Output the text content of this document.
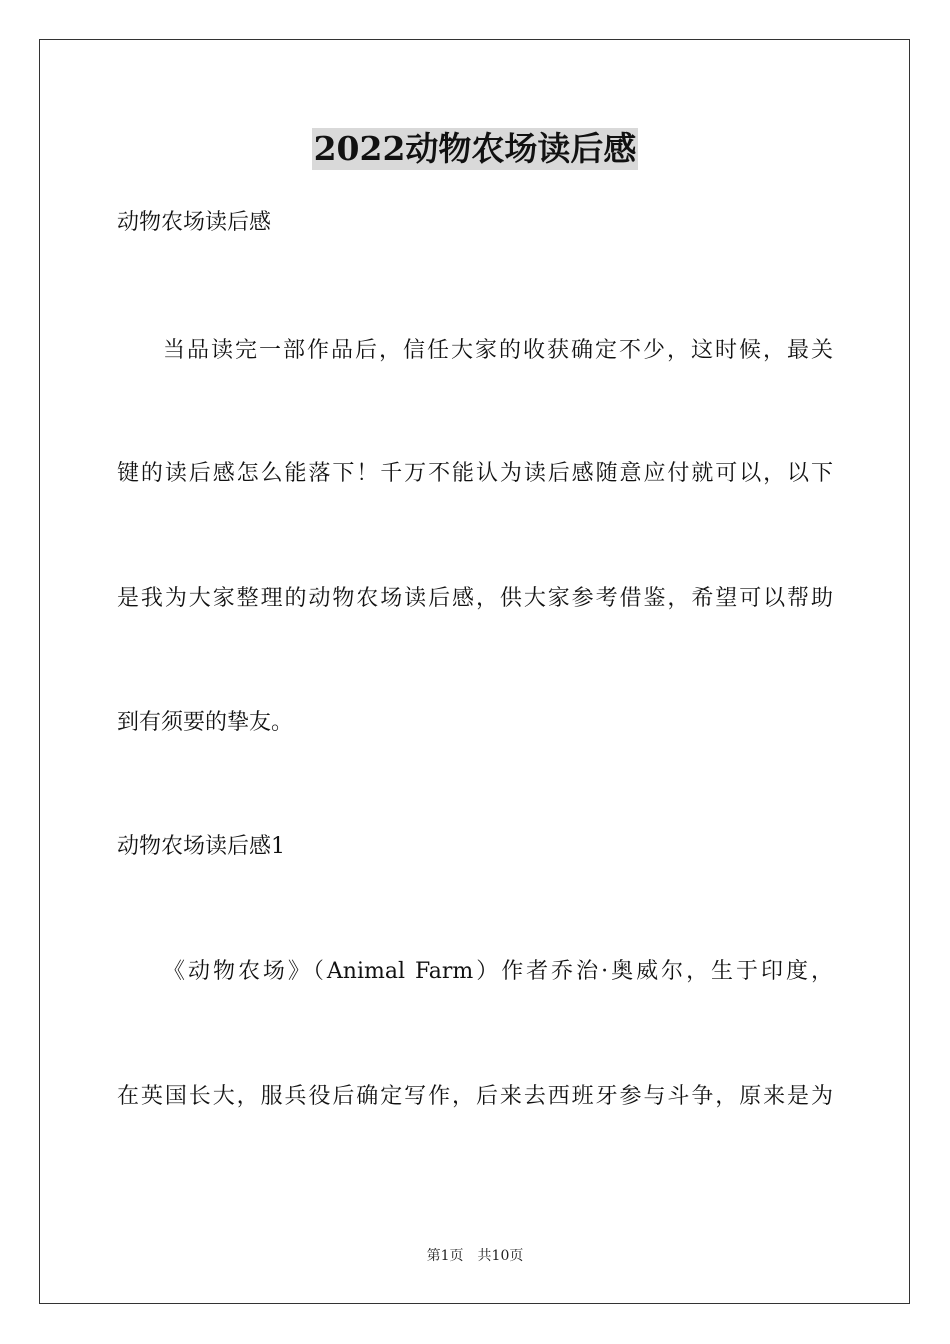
2022动物农场读后感
动物农场读后感
当品读完一部作品后，信任大家的收获确定不少，这时候，最关
键的读后感怎么能落下！千万不能认为读后感随意应付就可以，以下
是我为大家整理的动物农场读后感，供大家参考借鉴，希望可以帮助
到有须要的挚友。
动物农场读后感1
《动物农场》（Animal Farm）作者乔治·奥威尔，生于印度，
在英国长大，服兵役后确定写作，后来去西班牙参与斗争，原来是为
第1页 共10页
